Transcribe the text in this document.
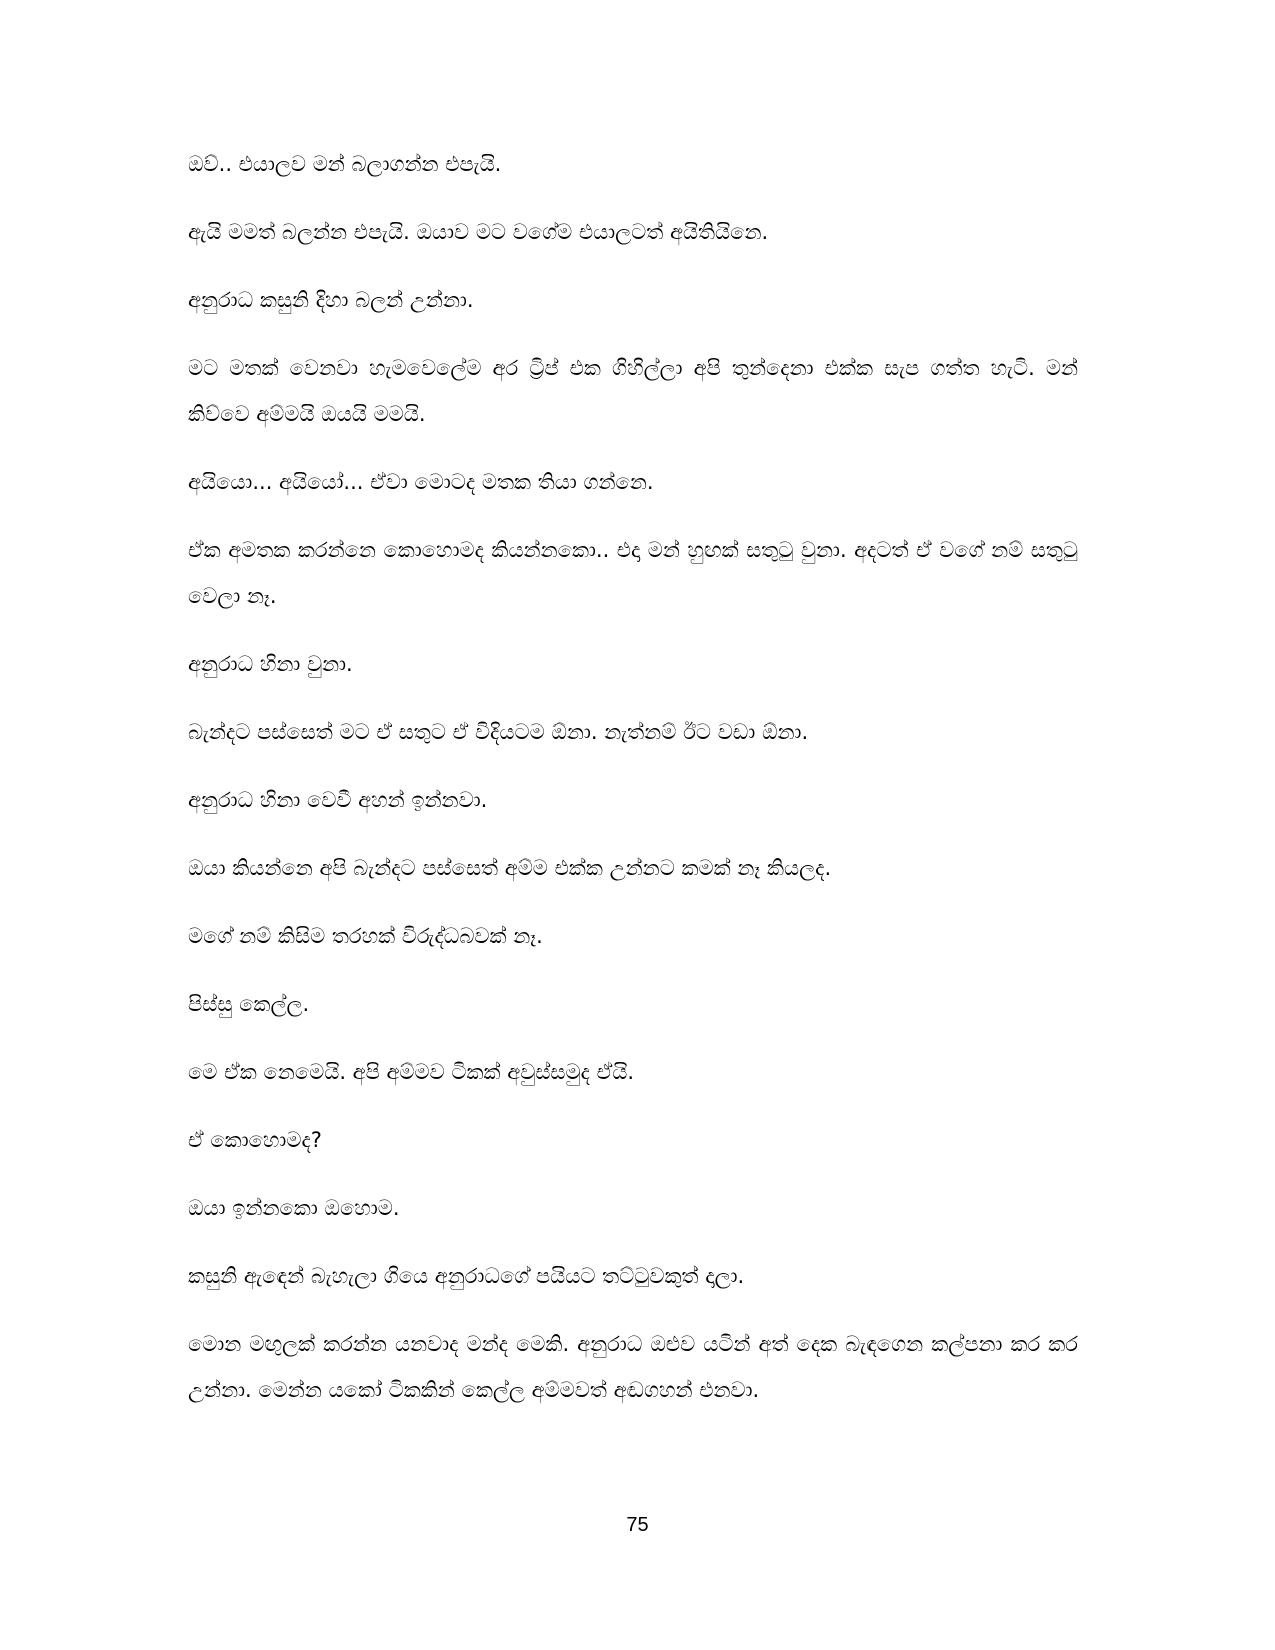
ඔව්.. එයාලව මන් බලාගන්න එපැයි.

ඇයි මමත් බලන්න එපැයි. ඔයාව මට වගේම එයාලටත් අයිතියිනෙ.

අනුරාධ කසුනි දිහා බලන් උන්නා.

මට මතක් වෙනවා හැමවෙලේම අර ට්‍රිප් එක ගිහිල්ලා අපි තුන්දෙනා එක්ක සැප ගත්ත හැටි. මන් කිව්වෙ අම්මයි ඔයයි මමයි.

අයියො... අයියෝ... ඒවා මොටද මතක තියා ගන්නෙ.

ඒක අමතක කරන්නෙ කොහොමද කියන්නකො.. එදා මන් හුඟක් සතුටු වුනා. අදටත් ඒ වගේ නම් සතුටු වෙලා නෑ.

අනුරාධ හිනා වුනා.

බැන්දට පස්සෙත් මට ඒ සතුට ඒ විදියටම ඕනා. නැත්නම් ඊට වඩා ඕනා.

අනුරාධ හිනා වෙවී අහන් ඉන්නවා.

ඔයා කියන්නෙ අපි බැන්දට පස්සෙත් අම්ම එක්ක උන්නට කමක් නෑ කියලද.

මගේ නම් කිසිම තරහක් විරුද්ධබවක් නෑ.

පිස්සු කෙල්ල.

මෙ ඒක නෙමෙයි. අපි අම්මව ටිකක් අවුස්සමුද ඒයි.

ඒ කොහොමද?

ඔයා ඉන්නකො ඔහොම.

කසුනි ඇඳෙන් බැහැලා ගියෙ අනුරාධගේ පයියට තට්ටුවකුත් දාලා.

මොන මඟුලක් කරන්න යනවාද මන්ද මෙකි. අනුරාධ ඔළුව යටින් අත් දෙක බැඳගෙන කල්පනා කර කර උන්නා. මෙන්න යකෝ ටිකකින් කෙල්ල අම්මවත් අඬගහන් එනවා.

75
